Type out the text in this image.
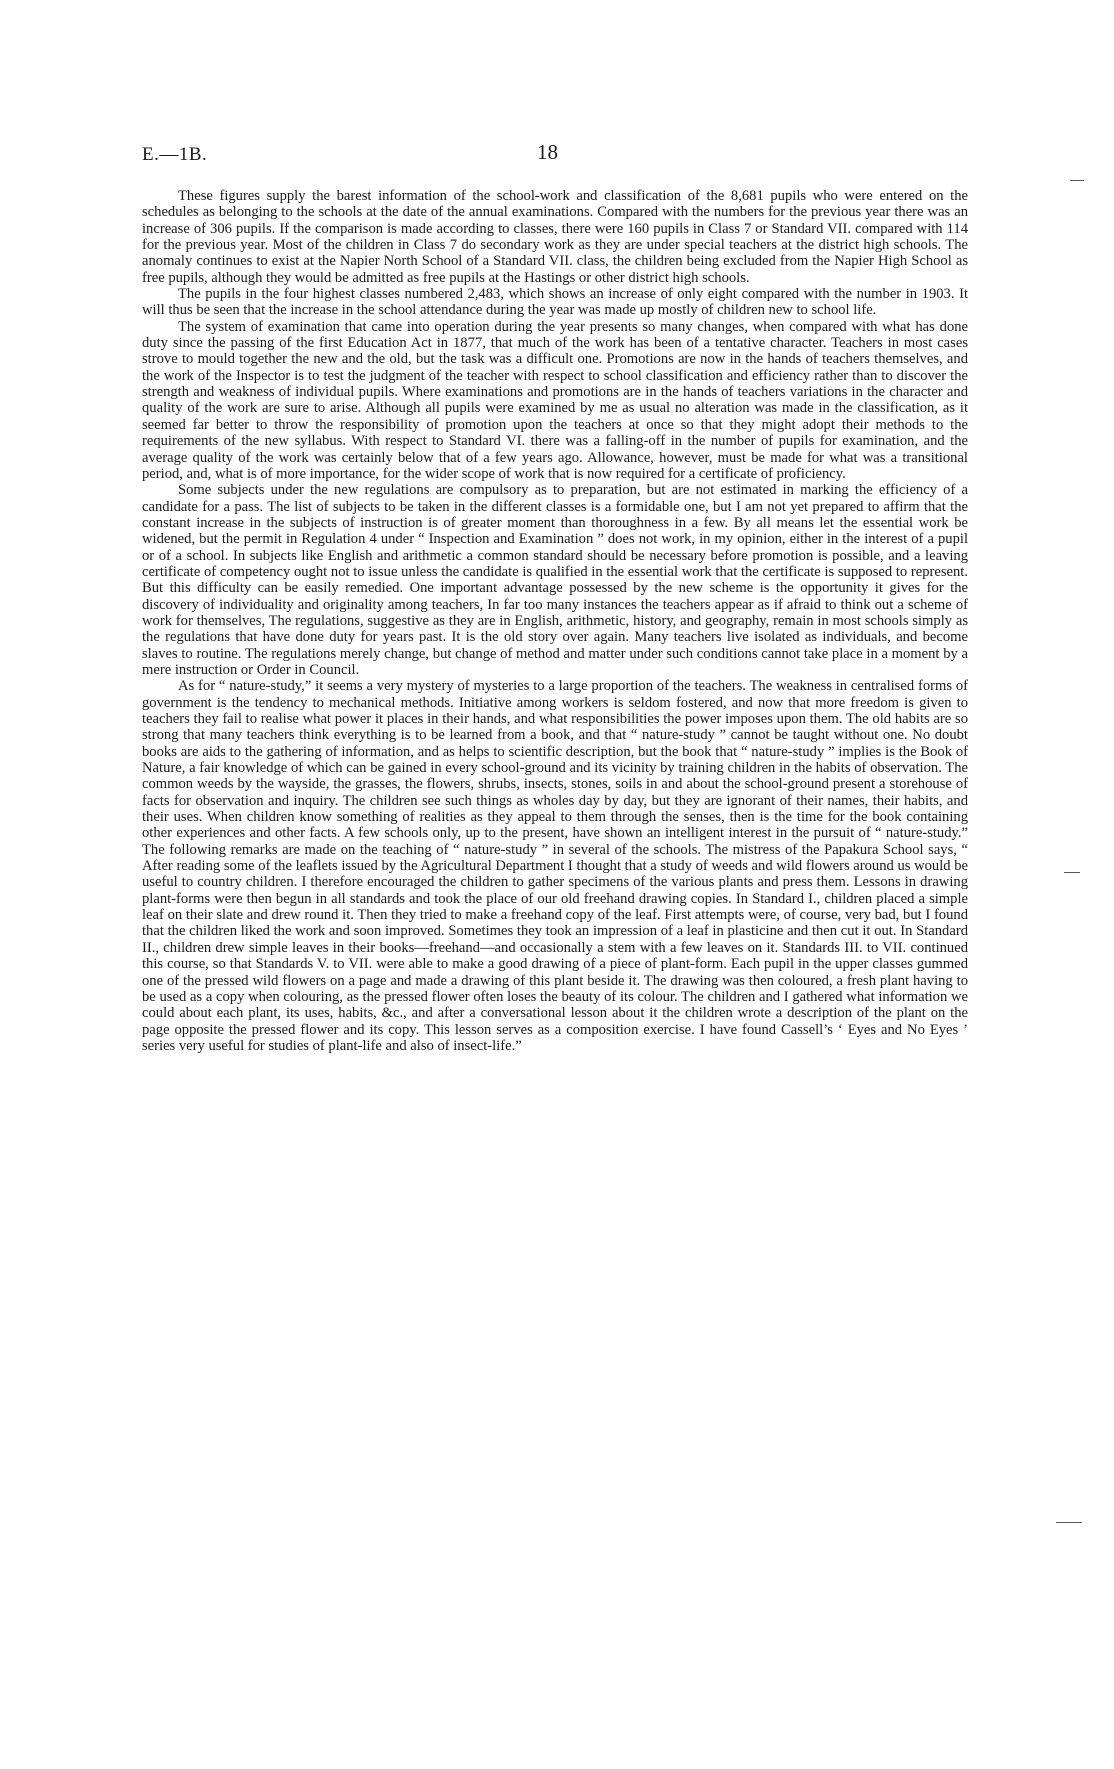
E.—1B.	18

These figures supply the barest information of the school-work and classification of the 8,681 pupils who were entered on the schedules as belonging to the schools at the date of the annual examinations. Compared with the numbers for the previous year there was an increase of 306 pupils. If the comparison is made according to classes, there were 160 pupils in Class 7 or Standard VII. compared with 114 for the previous year. Most of the children in Class 7 do secondary work as they are under special teachers at the district high schools. The anomaly continues to exist at the Napier North School of a Standard VII. class, the children being excluded from the Napier High School as free pupils, although they would be admitted as free pupils at the Hastings or other district high schools.

The pupils in the four highest classes numbered 2,483, which shows an increase of only eight compared with the number in 1903. It will thus be seen that the increase in the school attendance during the year was made up mostly of children new to school life.

The system of examination that came into operation during the year presents so many changes, when compared with what has done duty since the passing of the first Education Act in 1877, that much of the work has been of a tentative character. Teachers in most cases strove to mould together the new and the old, but the task was a difficult one. Promotions are now in the hands of teachers themselves, and the work of the Inspector is to test the judgment of the teacher with respect to school classification and efficiency rather than to discover the strength and weakness of individual pupils. Where examinations and promotions are in the hands of teachers variations in the character and quality of the work are sure to arise. Although all pupils were examined by me as usual no alteration was made in the classification, as it seemed far better to throw the responsibility of promotion upon the teachers at once so that they might adopt their methods to the requirements of the new syllabus. With respect to Standard VI. there was a falling-off in the number of pupils for examination, and the average quality of the work was certainly below that of a few years ago. Allowance, however, must be made for what was a transitional period, and, what is of more importance, for the wider scope of work that is now required for a certificate of proficiency.

Some subjects under the new regulations are compulsory as to preparation, but are not estimated in marking the efficiency of a candidate for a pass. The list of subjects to be taken in the different classes is a formidable one, but I am not yet prepared to affirm that the constant increase in the subjects of instruction is of greater moment than thoroughness in a few. By all means let the essential work be widened, but the permit in Regulation 4 under “ Inspection and Examination ” does not work, in my opinion, either in the interest of a pupil or of a school. In subjects like English and arithmetic a common standard should be necessary before promotion is possible, and a leaving certificate of competency ought not to issue unless the candidate is qualified in the essential work that the certificate is supposed to represent. But this difficulty can be easily remedied. One important advantage possessed by the new scheme is the opportunity it gives for the discovery of individuality and originality among teachers, In far too many instances the teachers appear as if afraid to think out a scheme of work for themselves, The regulations, suggestive as they are in English, arithmetic, history, and geography, remain in most schools simply as the regulations that have done duty for years past. It is the old story over again. Many teachers live isolated as individuals, and become slaves to routine. The regulations merely change, but change of method and matter under such conditions cannot take place in a moment by a mere instruction or Order in Council.

As for “ nature-study,” it seems a very mystery of mysteries to a large proportion of the teachers. The weakness in centralised forms of government is the tendency to mechanical methods. Initiative among workers is seldom fostered, and now that more freedom is given to teachers they fail to realise what power it places in their hands, and what responsibilities the power imposes upon them. The old habits are so strong that many teachers think everything is to be learned from a book, and that “ nature-study ” cannot be taught without one. No doubt books are aids to the gathering of information, and as helps to scientific description, but the book that “ nature-study ” implies is the Book of Nature, a fair knowledge of which can be gained in every school-ground and its vicinity by training children in the habits of observation. The common weeds by the wayside, the grasses, the flowers, shrubs, insects, stones, soils in and about the school-ground present a storehouse of facts for observation and inquiry. The children see such things as wholes day by day, but they are ignorant of their names, their habits, and their uses. When children know something of realities as they appeal to them through the senses, then is the time for the book containing other experiences and other facts. A few schools only, up to the present, have shown an intelligent interest in the pursuit of “ nature-study.” The following remarks are made on the teaching of “ nature-study ” in several of the schools. The mistress of the Papakura School says, “ After reading some of the leaflets issued by the Agricultural Department I thought that a study of weeds and wild flowers around us would be useful to country children. I therefore encouraged the children to gather specimens of the various plants and press them. Lessons in drawing plant-forms were then begun in all standards and took the place of our old freehand drawing copies. In Standard I., children placed a simple leaf on their slate and drew round it. Then they tried to make a freehand copy of the leaf. First attempts were, of course, very bad, but I found that the children liked the work and soon improved. Sometimes they took an impression of a leaf in plasticine and then cut it out. In Standard II., children drew simple leaves in their books—freehand—and occasionally a stem with a few leaves on it. Standards III. to VII. continued this course, so that Standards V. to VII. were able to make a good drawing of a piece of plant-form. Each pupil in the upper classes gummed one of the pressed wild flowers on a page and made a drawing of this plant beside it. The drawing was then coloured, a fresh plant having to be used as a copy when colouring, as the pressed flower often loses the beauty of its colour. The children and I gathered what information we could about each plant, its uses, habits, &c., and after a conversational lesson about it the children wrote a description of the plant on the page opposite the pressed flower and its copy. This lesson serves as a composition exercise. I have found Cassell’s ‘ Eyes and No Eyes ’ series very useful for studies of plant-life and also of insect-life.”
